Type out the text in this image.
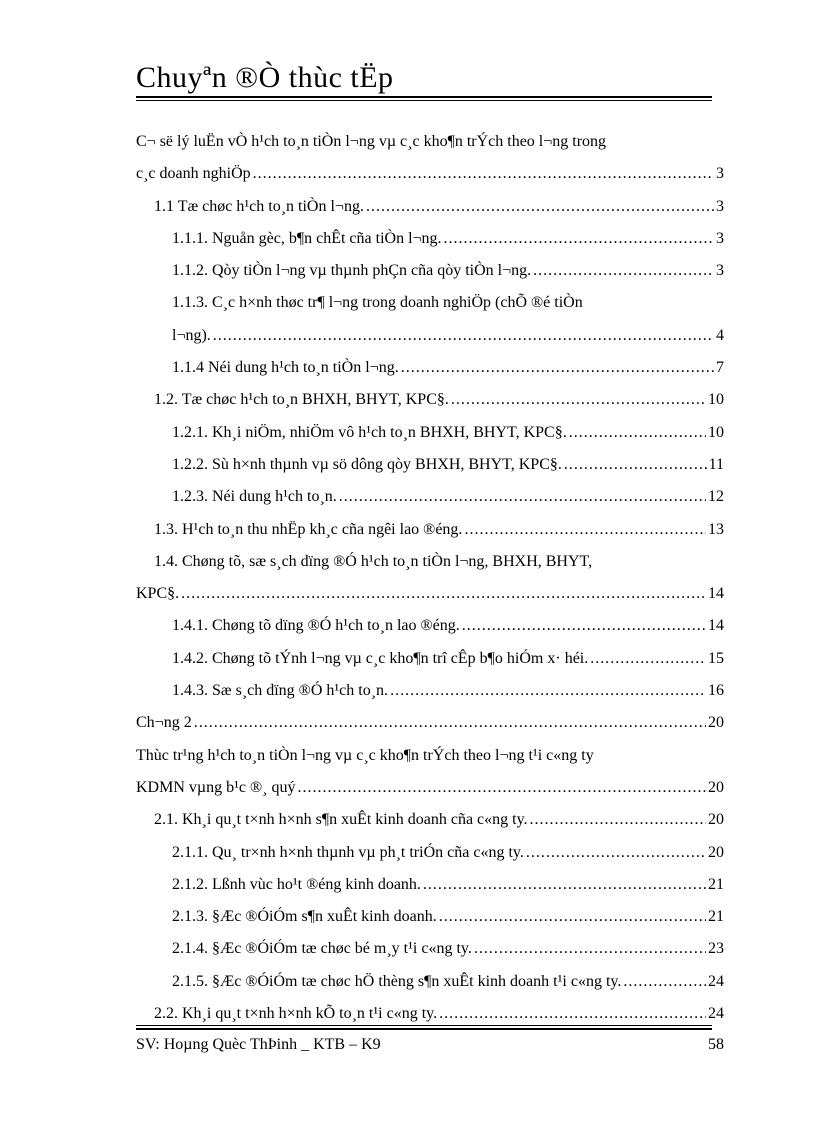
Chuyªn ®Ò thùc tËp
C¬ së lý luËn vÒ h¹ch to¸n tiÒn l¬ng vµ c¸c kho¶n trÝch theo l¬ng trong
c¸c doanh nghiÖp .....	3
1.1 Tæ chøc h¹ch to¸n tiÒn l¬ng. .....	3
1.1.1. Nguån gèc, b¶n chÊt cña tiÒn l¬ng. .....	3
1.1.2. Qòy tiÒn l¬ng vµ thµnh phÇn cña qòy tiÒn l¬ng. .....	3
1.1.3. C¸c h×nh thøc tr¶ l¬ng trong doanh nghiÖp (chÕ ®é tiÒn
l¬ng). .....	4
1.1.4 Néi dung h¹ch to¸n tiÒn l¬ng. .....	7
1.2. Tæ chøc h¹ch to¸n BHXH, BHYT, KPC§. .....	10
1.2.1. Kh¸i niÖm, nhiÖm vô h¹ch to¸n BHXH, BHYT, KPC§. .....	10
1.2.2. Sù h×nh thµnh vµ sö dông qòy BHXH, BHYT, KPC§. .....	11
1.2.3. Néi dung h¹ch to¸n. .....	12
1.3. H¹ch to¸n thu nhËp kh¸c cña ngêi lao ®éng. .....	13
1.4. Chøng tõ, sæ s¸ch dïng ®Ó h¹ch to¸n tiÒn l¬ng, BHXH, BHYT,
KPC§. .....	14
1.4.1. Chøng tõ dïng ®Ó h¹ch to¸n lao ®éng. .....	14
1.4.2. Chøng tõ tÝnh l¬ng vµ c¸c kho¶n trî cÊp b¶o hiÓm x· héi. .....	15
1.4.3. Sæ s¸ch dïng ®Ó h¹ch to¸n. .....	16
Ch¬ng 2 .....	20
Thùc tr¹ng h¹ch to¸n tiÒn l¬ng vµ c¸c kho¶n trÝch theo l¬ng t¹i c«ng ty
KDMN vµng b¹c ®¸ quý .....	20
2.1. Kh¸i qu¸t t×nh h×nh s¶n xuÊt kinh doanh cña c«ng ty. .....	20
2.1.1. Qu¸ tr×nh h×nh thµnh vµ ph¸t triÓn cña c«ng ty. .....	20
2.1.2. Lßnh vùc ho¹t ®éng kinh doanh. .....	21
2.1.3. §Æc ®ÓiÓm s¶n xuÊt kinh doanh. .....	21
2.1.4. §Æc ®ÓiÓm tæ chøc bé m¸y t¹i c«ng ty. .....	23
2.1.5. §Æc ®ÓiÓm tæ chøc hÖ thèng s¶n xuÊt kinh doanh t¹i c«ng ty. .....	24
2.2. Kh¸i qu¸t t×nh h×nh kÕ to¸n t¹i c«ng ty. .....	24
SV: Hoµng Quèc ThÞinh _ KTB – K9	58
